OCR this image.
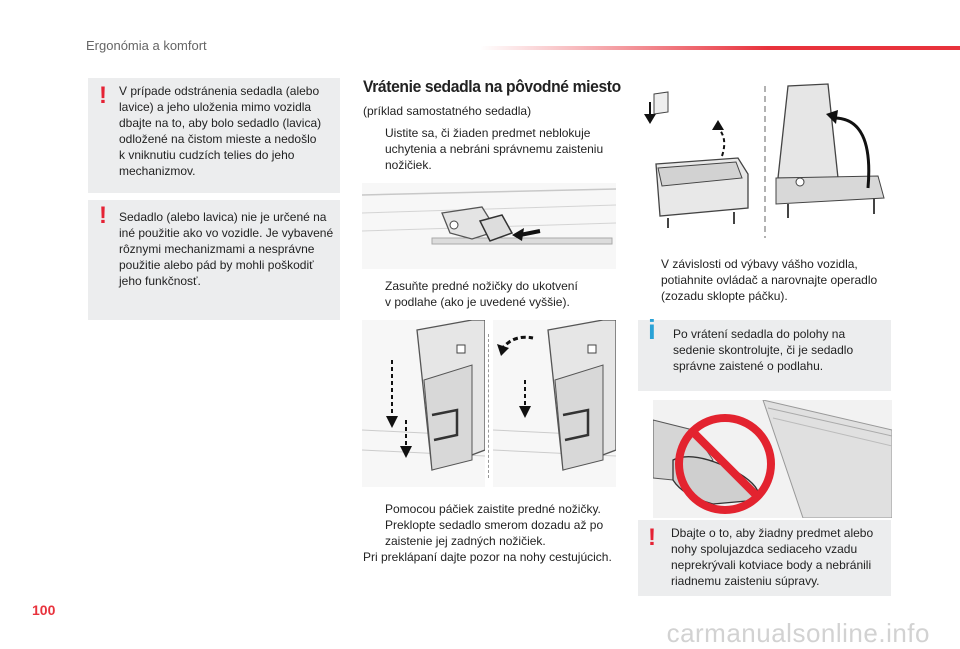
Ergonómia a komfort
! V prípade odstránenia sedadla (alebo
lavice) a jeho uloženia mimo vozidla
dbajte na to, aby bolo sedadlo (lavica)
odložené na čistom mieste a nedošlo
k vniknutiu cudzích telies do jeho
mechanizmov.

! Sedadlo (alebo lavica) nie je určené na
iné použitie ako vo vozidle. Je vybavené
rôznymi mechanizmami a nesprávne
použitie alebo pád by mohli poškodiť
jeho funkčnosť.

Vrátenie sedadla na pôvodné miesto
(príklad samostatného sedadla)
Uistite sa, či žiaden predmet neblokuje
uchytenia a nebráni správnemu zaisteniu
nožičiek.
Zasuňte predné nožičky do ukotvení
v podlahe (ako je uvedené vyššie).
Pomocou páčiek zaistite predné nožičky.
Preklopte sedadlo smerom dozadu až po
zaistenie jej zadných nožičiek.
Pri preklápaní dajte pozor na nohy cestujúcich.
V závislosti od výbavy vášho vozidla,
potiahnite ovládač a narovnajte operadlo
(zozadu sklopte páčku).
i Po vrátení sedadla do polohy na
sedenie skontrolujte, či je sedadlo
správne zaistené o podlahu.

! Dbajte o to, aby žiadny predmet alebo
nohy spolujazdca sediaceho vzadu
neprekrývali kotviace body a nebránili
riadnemu zaisteniu súpravy.

100
carmanualsonline.info
